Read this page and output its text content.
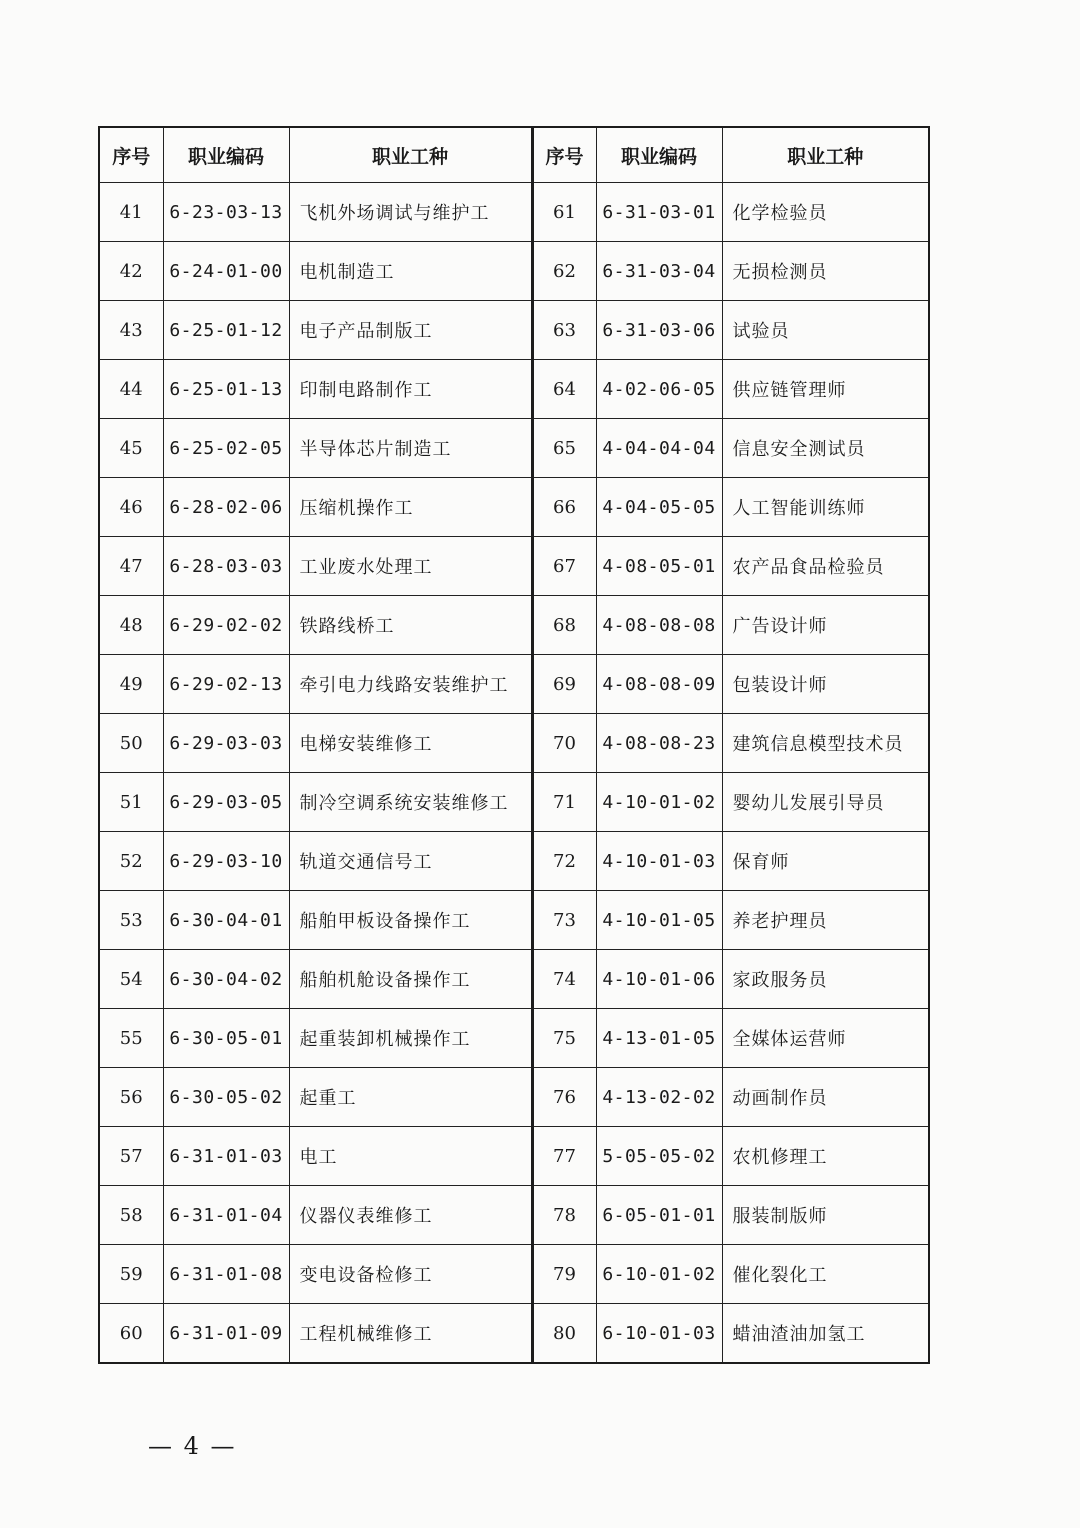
序号	职业编码	职业工种	序号	职业编码	职业工种
41	6-23-03-13	飞机外场调试与维护工	61	6-31-03-01	化学检验员
42	6-24-01-00	电机制造工	62	6-31-03-04	无损检测员
43	6-25-01-12	电子产品制版工	63	6-31-03-06	试验员
44	6-25-01-13	印制电路制作工	64	4-02-06-05	供应链管理师
45	6-25-02-05	半导体芯片制造工	65	4-04-04-04	信息安全测试员
46	6-28-02-06	压缩机操作工	66	4-04-05-05	人工智能训练师
47	6-28-03-03	工业废水处理工	67	4-08-05-01	农产品食品检验员
48	6-29-02-02	铁路线桥工	68	4-08-08-08	广告设计师
49	6-29-02-13	牵引电力线路安装维护工	69	4-08-08-09	包装设计师
50	6-29-03-03	电梯安装维修工	70	4-08-08-23	建筑信息模型技术员
51	6-29-03-05	制冷空调系统安装维修工	71	4-10-01-02	婴幼儿发展引导员
52	6-29-03-10	轨道交通信号工	72	4-10-01-03	保育师
53	6-30-04-01	船舶甲板设备操作工	73	4-10-01-05	养老护理员
54	6-30-04-02	船舶机舱设备操作工	74	4-10-01-06	家政服务员
55	6-30-05-01	起重装卸机械操作工	75	4-13-01-05	全媒体运营师
56	6-30-05-02	起重工	76	4-13-02-02	动画制作员
57	6-31-01-03	电工	77	5-05-05-02	农机修理工
58	6-31-01-04	仪器仪表维修工	78	6-05-01-01	服装制版师
59	6-31-01-08	变电设备检修工	79	6-10-01-02	催化裂化工
60	6-31-01-09	工程机械维修工	80	6-10-01-03	蜡油渣油加氢工
— 4 —
